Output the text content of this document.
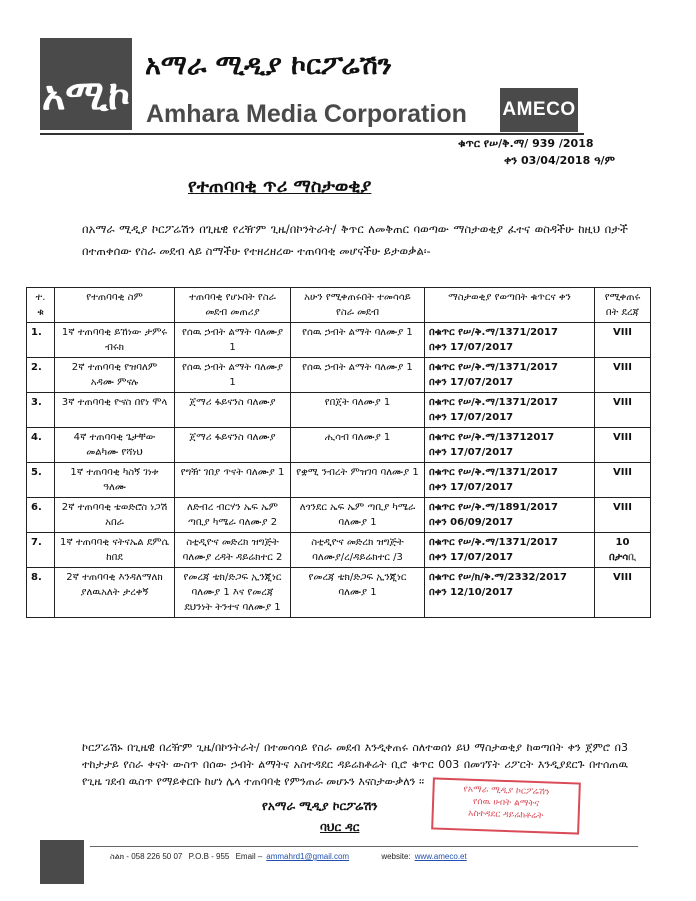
አሚኮ
አማራ ሚዲያ ኮርፖሬሽን
Amhara Media Corporation AMECO
ቁጥር የሠ/ቅ.ማ/ 939 /2018
ቀን 03/04/2018 ዓ/ም
የተጠባባቂ ጥሪ ማስታወቂያ
በአማራ ሚዲያ ኮርፖሬሽን በጊዜዊ የረዥም ጊዜ/በኮንትራት/ ቅጥር ለመቅጠር ባወጣው ማስታወቂያ ፈተና ወስዳችሁ ከዚህ በታች በተጠቀሰው የስራ መደብ ላይ ስማችሁ የተዘረዘረው ተጠባባቂ መሆናችሁ ይታወቃል፡-
ተ. ቁ	የተጠባባቂ ስም	ተጠባባቂ የሆኑበት የስራ መደብ መጠሪያ	አሁን የሚቀጠሩበት ተመሳሳይ የስራ መደብ	ማስታወቂያ የወጣበት ቁጥርና ቀን	የሚቀጠሩ በት ደረጃ
1.	1ኛ ተጠባባቂ ይኸነው ታምሩ ብሩክ	የሰዉ ኃብት ልማት ባለሙያ 1	የሰዉ ኃብት ልማት ባለሙያ 1	በቁጥር የሠ/ቅ.ማ/1371/2017
በቀን 17/07/2017	VIII
2.	2ኛ ተጠባባቂ የዝባለም አዳሙ ምናሉ	የሰዉ ኃብት ልማት ባለሙያ 1	የሰዉ ኃብት ልማት ባለሙያ 1	በቁጥር የሠ/ቅ.ማ/1371/2017
በቀን 17/07/2017	VIII
3.	3ኛ ተጠባባቂ ዮናስ በየነ ሞላ	ጀማሪ ፋይናንስ ባለሙያ	የበጀት ባለሙያ 1	በቁጥር የሠ/ቅ.ማ/1371/2017
በቀን 17/07/2017	VIII
4.	4ኛ ተጠባባቂ ጌታቸው መልካሙ የሻነህ	ጀማሪ ፋይናንስ ባለሙያ	ሒሳብ ባለሙያ 1	በቁጥር የሠ/ቅ.ማ/13712017
በቀን 17/07/2017	VIII
5.	1ኛ ተጠባባቂ ካስኝ ገነቱ ዓለሙ	የግዥ ገበያ ጥናት ባለሙያ 1	የቋሚ ንብረት ምዝገባ ባለሙያ 1	በቁጥር የሠ/ቅ.ማ/1371/2017
በቀን 17/07/2017	VIII
6.	2ኛ ተጠባባቂ ቴወድሮስ ነጋሽ አበራ	ለድብረ ብርሃን ኤፍ ኤም ጣቢያ ካሜራ ባለሙያ 2	ለጎንደር ኤፍ ኤም ጣቢያ ካሜራ ባለሙያ 1	በቁጥር የሠ/ቅ.ማ/1891/2017
በቀን 06/09/2017	VIII
7.	1ኛ ተጠባባቂ ናትናኤል ደምሴ ከበደ	ስቲዲዮና መድረክ ዝግጅት ባለሙያ ረዳት ዳይሬክተር 2	ስቲዲዮና መድረክ ዝግጅት ባለሙያ/ረ/ዳይሬክተር /3	በቁጥር የሠ/ቅ.ማ/1371/2017
በቀን 17/07/2017	10
በታሳቢ
8.	2ኛ ተጠባባቂ እንዳለማለክ ያለዉአለት ታረቀኝ	የመረጃ ቴክ/ድጋፍ ኢንጂነር ባለሙያ 1 እና የመረጃ ደህንነት ትንተና ባለሙያ 1	የመረጃ ቴክ/ድጋፍ ኢንጂነር ባለሙያ 1	በቁጥር የሠ/ክ/ቅ.ማ/2332/2017
በቀን 12/10/2017	VIII
ኮርፖሬሽኑ በጊዜዊ በረዥም ጊዜ/በኮንትራት/ በተመሳሳይ የስራ መደብ እንዲቀጠሩ ስለተወሰነ ይህ ማስታወቂያ ከወጣበት ቀን ጀምሮ በ3 ተከታታይ የስራ ቀናት ውስጥ በሰው ኃብት ልማትና አስተዳደር ዳይሬክቶሬት ቢሮ ቁጥር 003 በመገኘት ሪፖርት እንዲያደርጉ በተሰጠዉ የጊዜ ገደብ ዉስጥ የማይቀርቡ ከሆነ ሌላ ተጠባባቂ የምንጠራ መሆኑን እናስታውቃለን ፡፡
የአማራ ሚዲያ ኮርፖሬሽን
ባህር ዳር
የአማራ ሚዲያ ኮርፖሬሽን
የሰዉ ሀብት ልማትና
አስተዳደር ዳይሬክቶሬት
ስልክ - 058 226 50 07 P.O.B - 955 Email – ammahrd1@gmail.com	website: www.ameco.et
